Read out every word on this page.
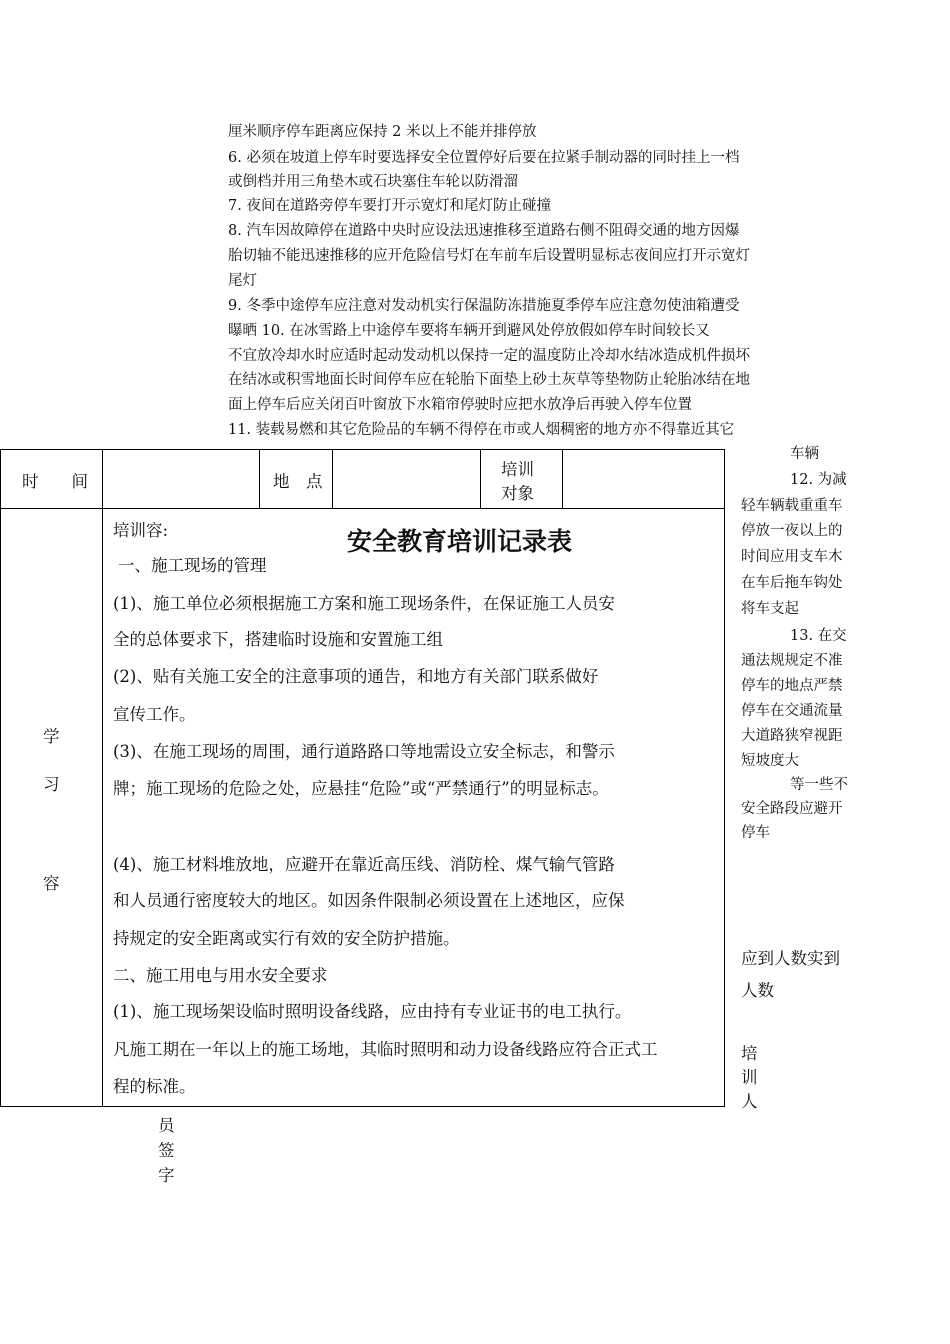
厘米顺序停车距离应保持 2 米以上不能并排停放
6. 必须在坡道上停车时要选择安全位置停好后要在拉紧手制动器的同时挂上一档
或倒档并用三角垫木或石块塞住车轮以防滑溜
7. 夜间在道路旁停车要打开示宽灯和尾灯防止碰撞
8. 汽车因故障停在道路中央时应设法迅速推移至道路右侧不阻碍交通的地方因爆
胎切轴不能迅速推移的应开危险信号灯在车前车后设置明显标志夜间应打开示宽灯
尾灯
9. 冬季中途停车应注意对发动机实行保温防冻措施夏季停车应注意勿使油箱遭受
曝晒 10. 在冰雪路上中途停车要将车辆开到避风处停放假如停车时间较长又
不宜放冷却水时应适时起动发动机以保持一定的温度防止冷却水结冰造成机件损坏
在结冰或积雪地面长时间停车应在轮胎下面垫上砂土灰草等垫物防止轮胎冰结在地
面上停车后应关闭百叶窗放下水箱帘停驶时应把水放净后再驶入停车位置
11. 装载易燃和其它危险品的车辆不得停在市或人烟稠密的地方亦不得靠近其它
车辆
12. 为减
轻车辆载重重车
停放一夜以上的
时间应用支车木
在车后拖车钩处
将车支起
13. 在交
通法规规定不准
停车的地点严禁
停车在交通流量
大道路狭窄视距
短坡度大
等一些不
安全路段应避开
停车
时　　间	地　点
培训
对象
学
习
容
培训容:	安全教育培训记录表
一、施工现场的管理
(1)、施工单位必须根据施工方案和施工现场条件，在保证施工人员安
全的总体要求下，搭建临时设施和安置施工组
(2)、贴有关施工安全的注意事项的通告，和地方有关部门联系做好
宣传工作。
(3)、在施工现场的周围，通行道路路口等地需设立安全标志，和警示
牌；施工现场的危险之处，应悬挂“危险”或“严禁通行”的明显标志。
(4)、施工材料堆放地，应避开在靠近高压线、消防栓、煤气输气管路
和人员通行密度较大的地区。如因条件限制必须设置在上述地区，应保
持规定的安全距离或实行有效的安全防护措施。
二、施工用电与用水安全要求
(1)、施工现场架设临时照明设备线路，应由持有专业证书的电工执行。
凡施工期在一年以上的施工场地，其临时照明和动力设备线路应符合正式工
程的标准。
应到人数实到
人数
培
训
人
员
签
字
